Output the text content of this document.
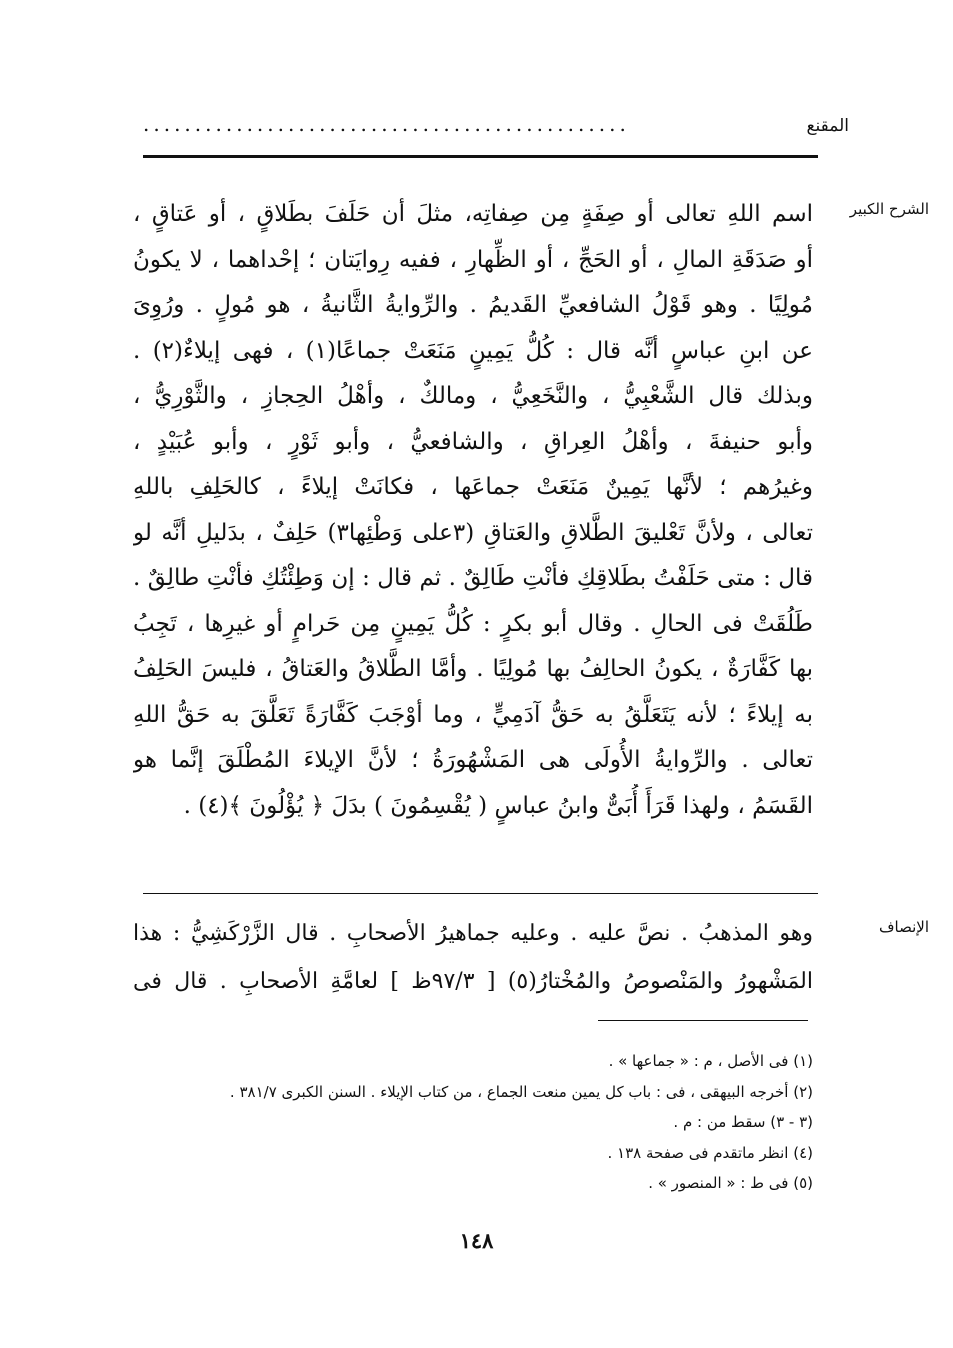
المقنع
...............................................
الشرح الكبير
الإنصاف
اسم اللهِ تعالى أو صِفَةٍ مِن صِفاتِه، مثلَ أن حَلَفَ بطَلاقٍ ، أو عَتاقٍ ،
أو صَدَقَةِ المالِ ، أو الحَجِّ ، أو الظِّهارِ ، ففيه رِوايَتان ؛ إحْداهما ، لا يكونُ
مُولِيًا . وهو قَوْلُ الشافعيِّ القَديمُ . والرِّوايةُ الثَّانيةُ ، هو مُولٍ . ورُوِىَ
عن ابنِ عباسٍ أنَّه قال : كُلُّ يَمِينٍ مَنَعَتْ جماعًا(١) ، فهى إيلاءٌ(٢) .
وبذلك قال الشَّعْبِيُّ ، والنَّخَعِيُّ ، ومالكٌ ، وأهْلُ الحِجازِ ، والثَّوْرِيُّ ،
وأبو حنيفةَ ، وأهْلُ العِراقِ ، والشافعيُّ ، وأبو ثَوْرٍ ، وأبو عُبَيْدٍ ،
وغيرُهم ؛ لأنَّها يَمِينٌ مَنَعَتْ جماعَها ، فكانَتْ إيلاءً ، كالحَلِفِ باللهِ
تعالى ، ولأنَّ تَعْليقَ الطَّلاقِ والعَتاقِ (٣على وَطْئِها٣) حَلِفٌ ، بدَليلِ أنَّه لو
قال : متى حَلَفْتُ بطَلاقِكِ فأنْتِ طَالِقٌ . ثم قال : إن وَطِئْتُكِ فأنْتِ طالِقٌ .
طَلُقَتْ فى الحالِ . وقال أبو بكرٍ : كُلُّ يَمِينٍ مِن حَرامٍ أو غيرِها ، تَجِبُ
بها كَفَّارَةٌ ، يكونُ الحالِفُ بها مُولِيًا . وأمَّا الطَّلاقُ والعَتاقُ ، فليسَ الحَلِفُ
به إيلاءً ؛ لأنه يَتَعَلَّقُ به حَقُّ آدَمِيٍّ ، وما أوْجَبَ كَفَّارَةً تَعَلَّقَ به حَقُّ اللهِ
تعالى . والرِّوايةُ الأُولَى هى المَشْهُورَةُ ؛ لأنَّ الإيلاءَ المُطْلَقَ إنَّما هو
القَسَمُ ، ولهذا قَرَأَ أُبَىٌّ وابنُ عباسٍ ( يُقْسِمُونَ ) بدَلَ ﴿ يُؤْلُونَ ﴾(٤) .
وهو المذهبُ . نصَّ عليه . وعليه جماهيرُ الأصحابِ . قال الزَّرْكَشِيُّ : هذا
المَشْهورُ والمَنْصوصُ والمُخْتارُ(٥) [ ٩٧/٣ظ ] لعامَّةِ الأصحابِ . قال فى
(١) فى الأصل ، م : « جماعها » .
(٢) أخرجه البيهقى ، فى : باب كل يمين منعت الجماع ، من كتاب الإيلاء . السنن الكبرى ٣٨١/٧ .
(٣ - ٣) سقط من : م .
(٤) انظر ماتقدم فى صفحة ١٣٨ .
(٥) فى ط : « المنصور » .
١٤٨
